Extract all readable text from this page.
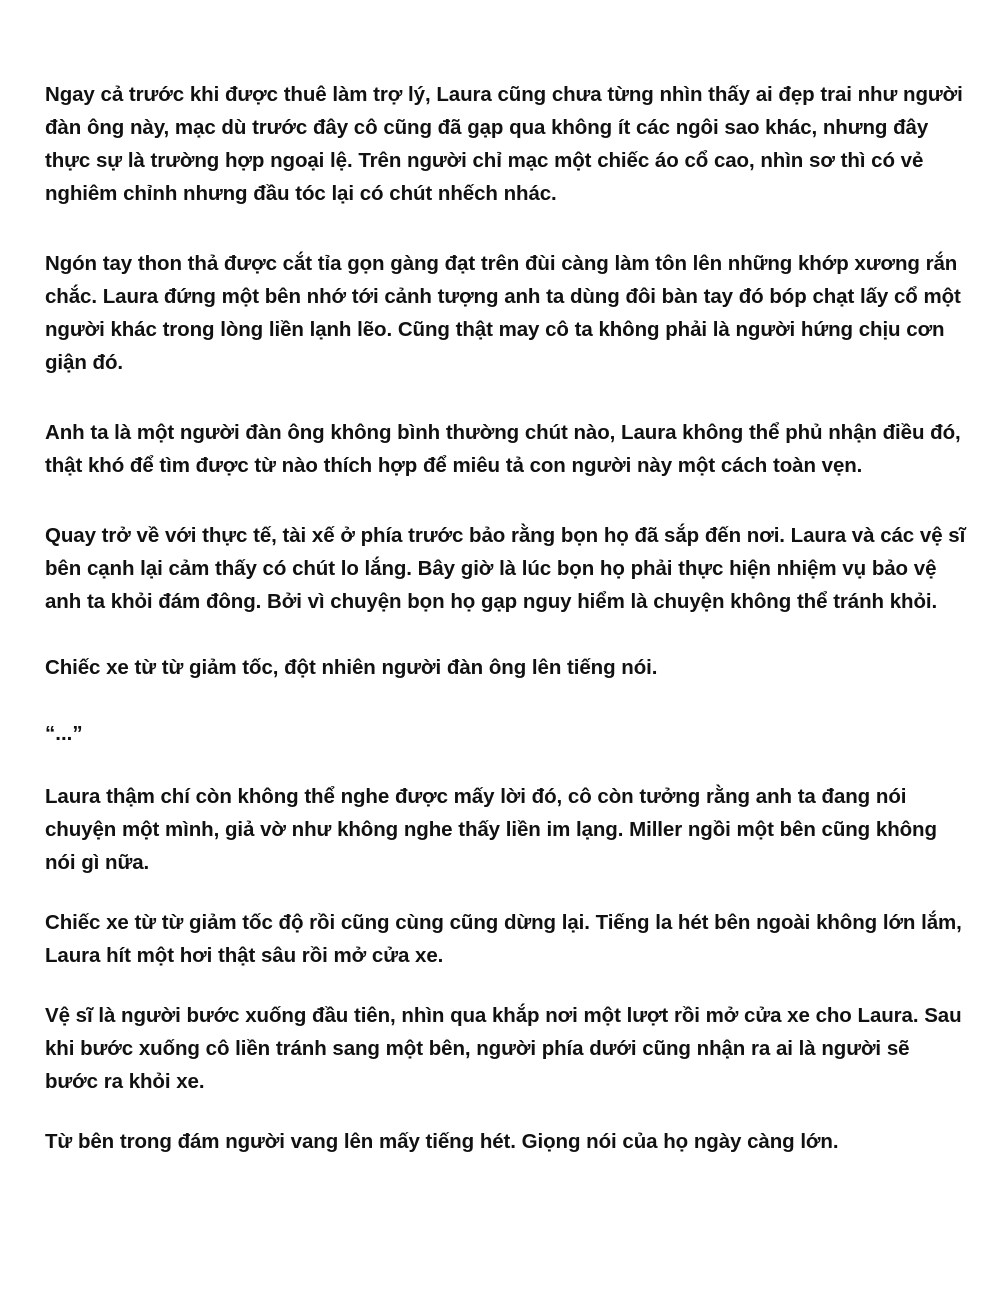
Ngay cả trước khi được thuê làm trợ lý, Laura cũng chưa từng nhìn thấy ai đẹp trai như người đàn ông này, mạc dù trước đây cô cũng đã gạp qua không ít các ngôi sao khác, nhưng đây thực sự là trường hợp ngoại lệ. Trên người chỉ mạc một chiếc áo cổ cao, nhìn sơ thì có vẻ nghiêm chỉnh nhưng đầu tóc lại có chút nhếch nhác.

Ngón tay thon thả được cắt tỉa gọn gàng đạt trên đùi càng làm tôn lên những khớp xương rắn chắc. Laura đứng một bên nhớ tới cảnh tượng anh ta dùng đôi bàn tay đó bóp chạt lấy cổ một người khác trong lòng liền lạnh lẽo. Cũng thật may cô ta không phải là người hứng chịu cơn giận đó.

Anh ta là một người đàn ông không bình thường chút nào, Laura không thể phủ nhận điều đó, thật khó để tìm được từ nào thích hợp để miêu tả con người này một cách toàn vẹn.

Quay trở về với thực tế, tài xế ở phía trước bảo rằng bọn họ đã sắp đến nơi. Laura và các vệ sĩ bên cạnh lại cảm thấy có chút lo lắng. Bây giờ là lúc bọn họ phải thực hiện nhiệm vụ bảo vệ anh ta khỏi đám đông. Bởi vì chuyện bọn họ gạp nguy hiểm là chuyện không thể tránh khỏi.

Chiếc xe từ từ giảm tốc, đột nhiên người đàn ông lên tiếng nói.

“...”

Laura thậm chí còn không thể nghe được mấy lời đó, cô còn tưởng rằng anh ta đang nói chuyện một mình, giả vờ như không nghe thấy liền im lạng. Miller ngồi một bên cũng không nói gì nữa.

Chiếc xe từ từ giảm tốc độ rồi cũng cùng cũng dừng lại. Tiếng la hét bên ngoài không lớn lắm, Laura hít một hơi thật sâu rồi mở cửa xe.

Vệ sĩ là người bước xuống đầu tiên, nhìn qua khắp nơi một lượt rồi mở cửa xe cho Laura. Sau khi bước xuống cô liền tránh sang một bên, người phía dưới cũng nhận ra ai là người sẽ bước ra khỏi xe.

Từ bên trong đám người vang lên mấy tiếng hét. Giọng nói của họ ngày càng lớn.
